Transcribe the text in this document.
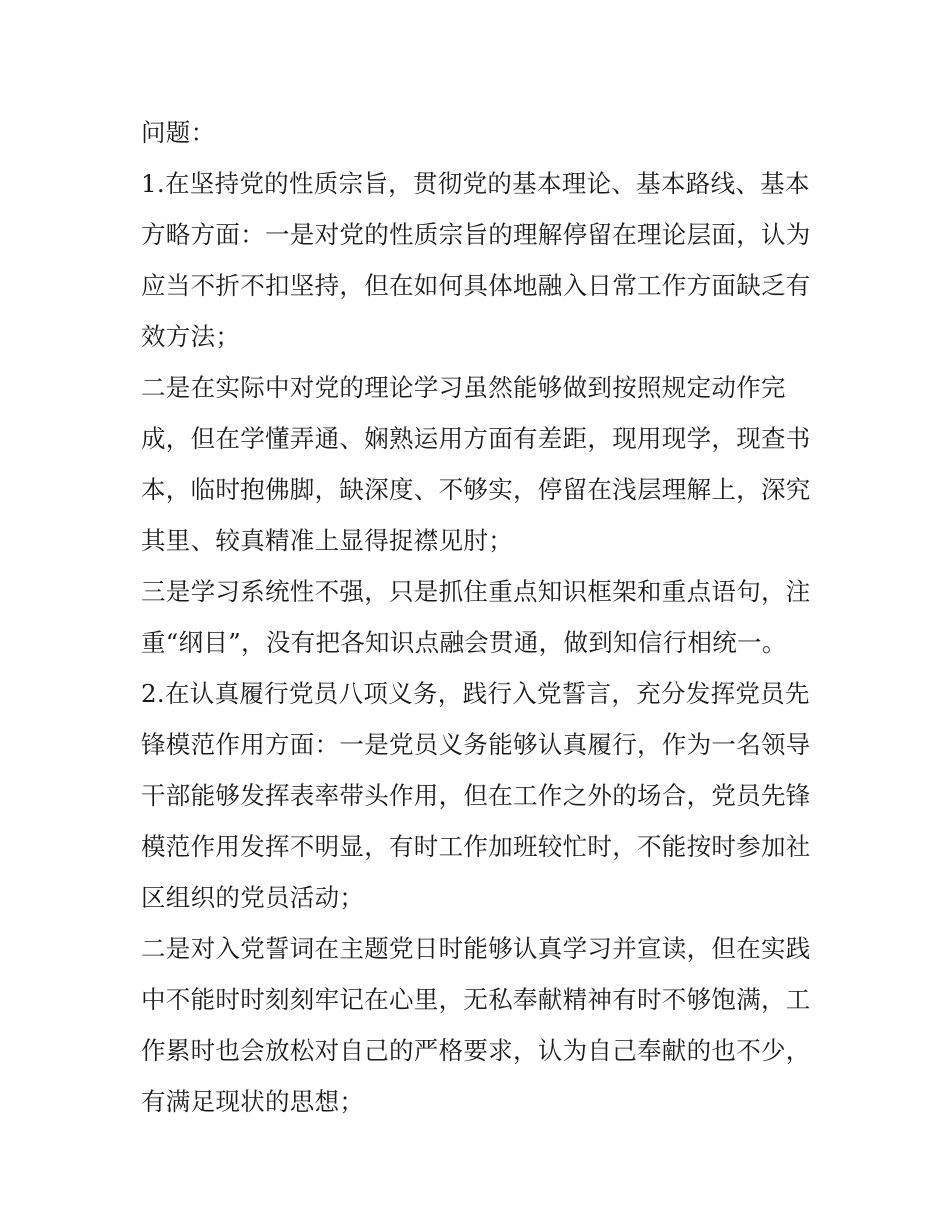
问题：

1.在坚持党的性质宗旨，贯彻党的基本理论、基本路线、基本
方略方面：一是对党的性质宗旨的理解停留在理论层面，认为
应当不折不扣坚持，但在如何具体地融入日常工作方面缺乏有
效方法；

二是在实际中对党的理论学习虽然能够做到按照规定动作完
成，但在学懂弄通、娴熟运用方面有差距，现用现学，现查书
本，临时抱佛脚，缺深度、不够实，停留在浅层理解上，深究
其里、较真精准上显得捉襟见肘；

三是学习系统性不强，只是抓住重点知识框架和重点语句，注
重“纲目”，没有把各知识点融会贯通，做到知信行相统一。

2.在认真履行党员八项义务，践行入党誓言，充分发挥党员先
锋模范作用方面：一是党员义务能够认真履行，作为一名领导
干部能够发挥表率带头作用，但在工作之外的场合，党员先锋
模范作用发挥不明显，有时工作加班较忙时，不能按时参加社
区组织的党员活动；

二是对入党誓词在主题党日时能够认真学习并宣读，但在实践
中不能时时刻刻牢记在心里，无私奉献精神有时不够饱满，工
作累时也会放松对自己的严格要求，认为自己奉献的也不少，
有满足现状的思想；
